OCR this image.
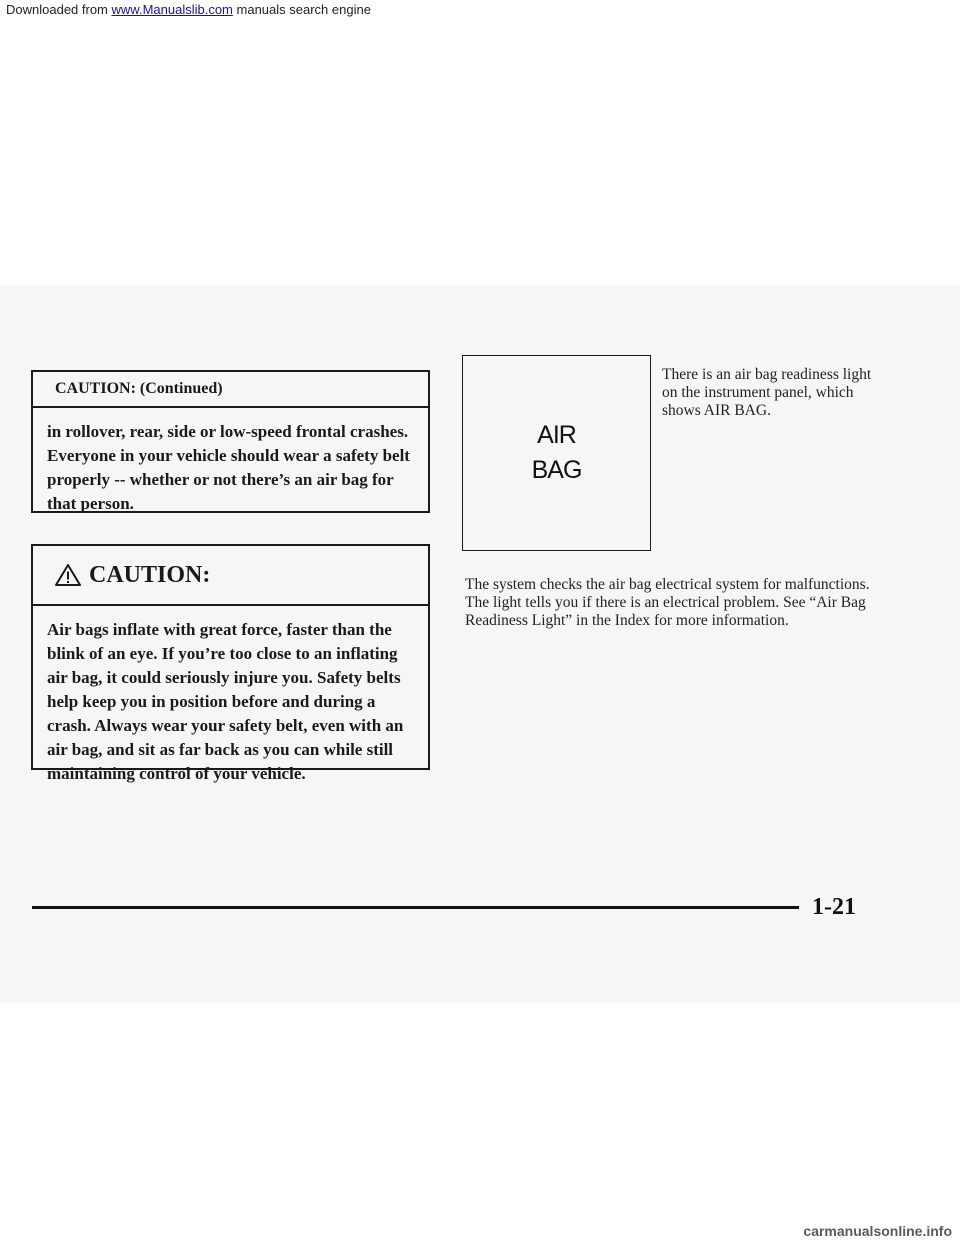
Downloaded from www.Manualslib.com manuals search engine
CAUTION: (Continued)
in rollover, rear, side or low-speed frontal crashes. Everyone in your vehicle should wear a safety belt properly -- whether or not there’s an air bag for that person.
CAUTION:
Air bags inflate with great force, faster than the blink of an eye. If you’re too close to an inflating air bag, it could seriously injure you. Safety belts help keep you in position before and during a crash. Always wear your safety belt, even with an air bag, and sit as far back as you can while still maintaining control of your vehicle.
AIR
BAG
There is an air bag readiness light on the instrument panel, which shows AIR BAG.
The system checks the air bag electrical system for malfunctions. The light tells you if there is an electrical problem. See “Air Bag Readiness Light” in the Index for more information.
1-21
carmanualsonline.info
